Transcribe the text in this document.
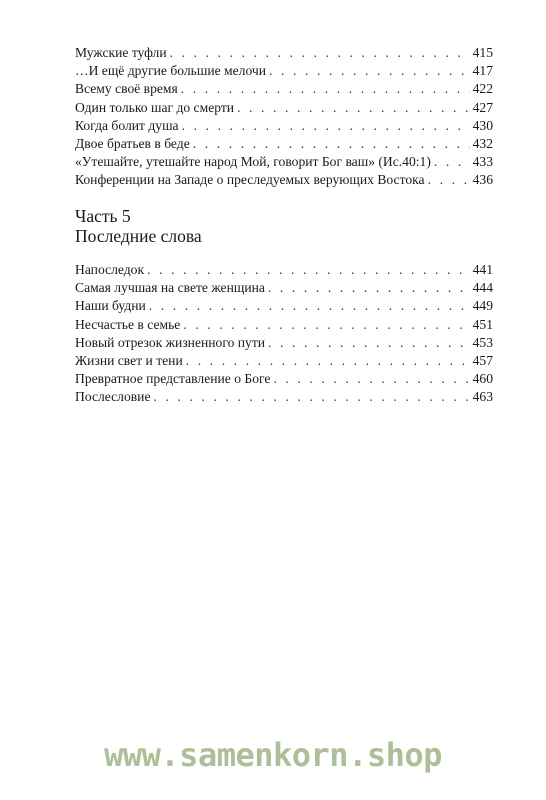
Мужские туфли . . .	415
…И ещё другие большие мелочи . . .	417
Всему своё время . . .	422
Один только шаг до смерти . . .	427
Когда болит душа . . .	430
Двое братьев в беде . . .	432
«Утешайте, утешайте народ Мой, говорит Бог ваш» (Ис.40:1) . . .	433
Конференции на Западе о преследуемых верующих Востока . . .	436
Часть 5
Последние слова
Напоследок . . .	441
Самая лучшая на свете женщина . . .	444
Наши будни . . .	449
Несчастье в семье . . .	451
Новый отрезок жизненного пути . . .	453
Жизни свет и тени . . .	457
Превратное представление о Боге . . .	460
Послесловие . . .	463
www.samenkorn.shop
